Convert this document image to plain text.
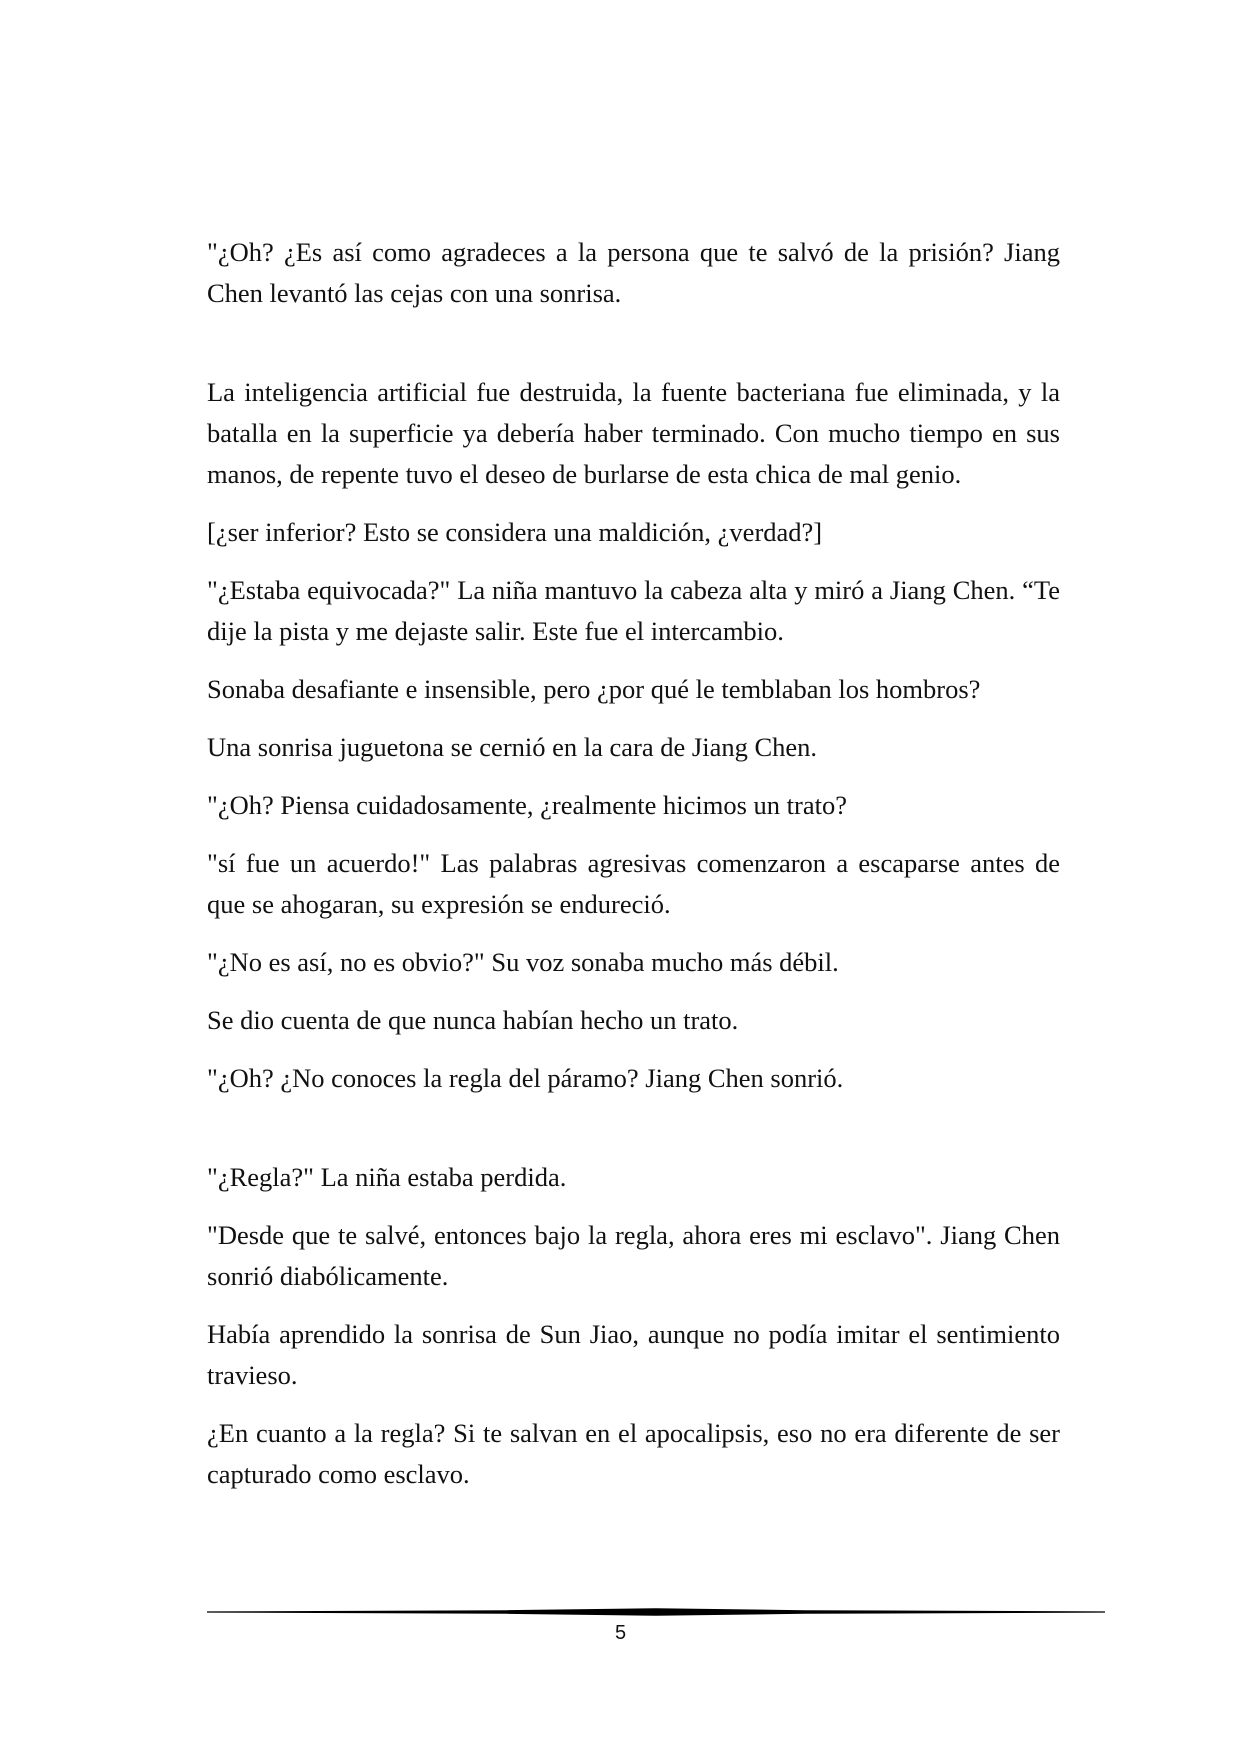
"¿Oh? ¿Es así como agradeces a la persona que te salvó de la prisión? Jiang Chen levantó las cejas con una sonrisa.

La inteligencia artificial fue destruida, la fuente bacteriana fue eliminada, y la batalla en la superficie ya debería haber terminado. Con mucho tiempo en sus manos, de repente tuvo el deseo de burlarse de esta chica de mal genio.

[¿ser inferior? Esto se considera una maldición, ¿verdad?]

"¿Estaba equivocada?" La niña mantuvo la cabeza alta y miró a Jiang Chen. “Te dije la pista y me dejaste salir. Este fue el intercambio.

Sonaba desafiante e insensible, pero ¿por qué le temblaban los hombros?

Una sonrisa juguetona se cernió en la cara de Jiang Chen.

"¿Oh? Piensa cuidadosamente, ¿realmente hicimos un trato?

"sí fue un acuerdo!" Las palabras agresivas comenzaron a escaparse antes de que se ahogaran, su expresión se endureció.

"¿No es así, no es obvio?" Su voz sonaba mucho más débil.

Se dio cuenta de que nunca habían hecho un trato.

"¿Oh? ¿No conoces la regla del páramo? Jiang Chen sonrió.

"¿Regla?" La niña estaba perdida.

"Desde que te salvé, entonces bajo la regla, ahora eres mi esclavo". Jiang Chen sonrió diabólicamente.

Había aprendido la sonrisa de Sun Jiao, aunque no podía imitar el sentimiento travieso.

¿En cuanto a la regla? Si te salvan en el apocalipsis, eso no era diferente de ser capturado como esclavo.

5
